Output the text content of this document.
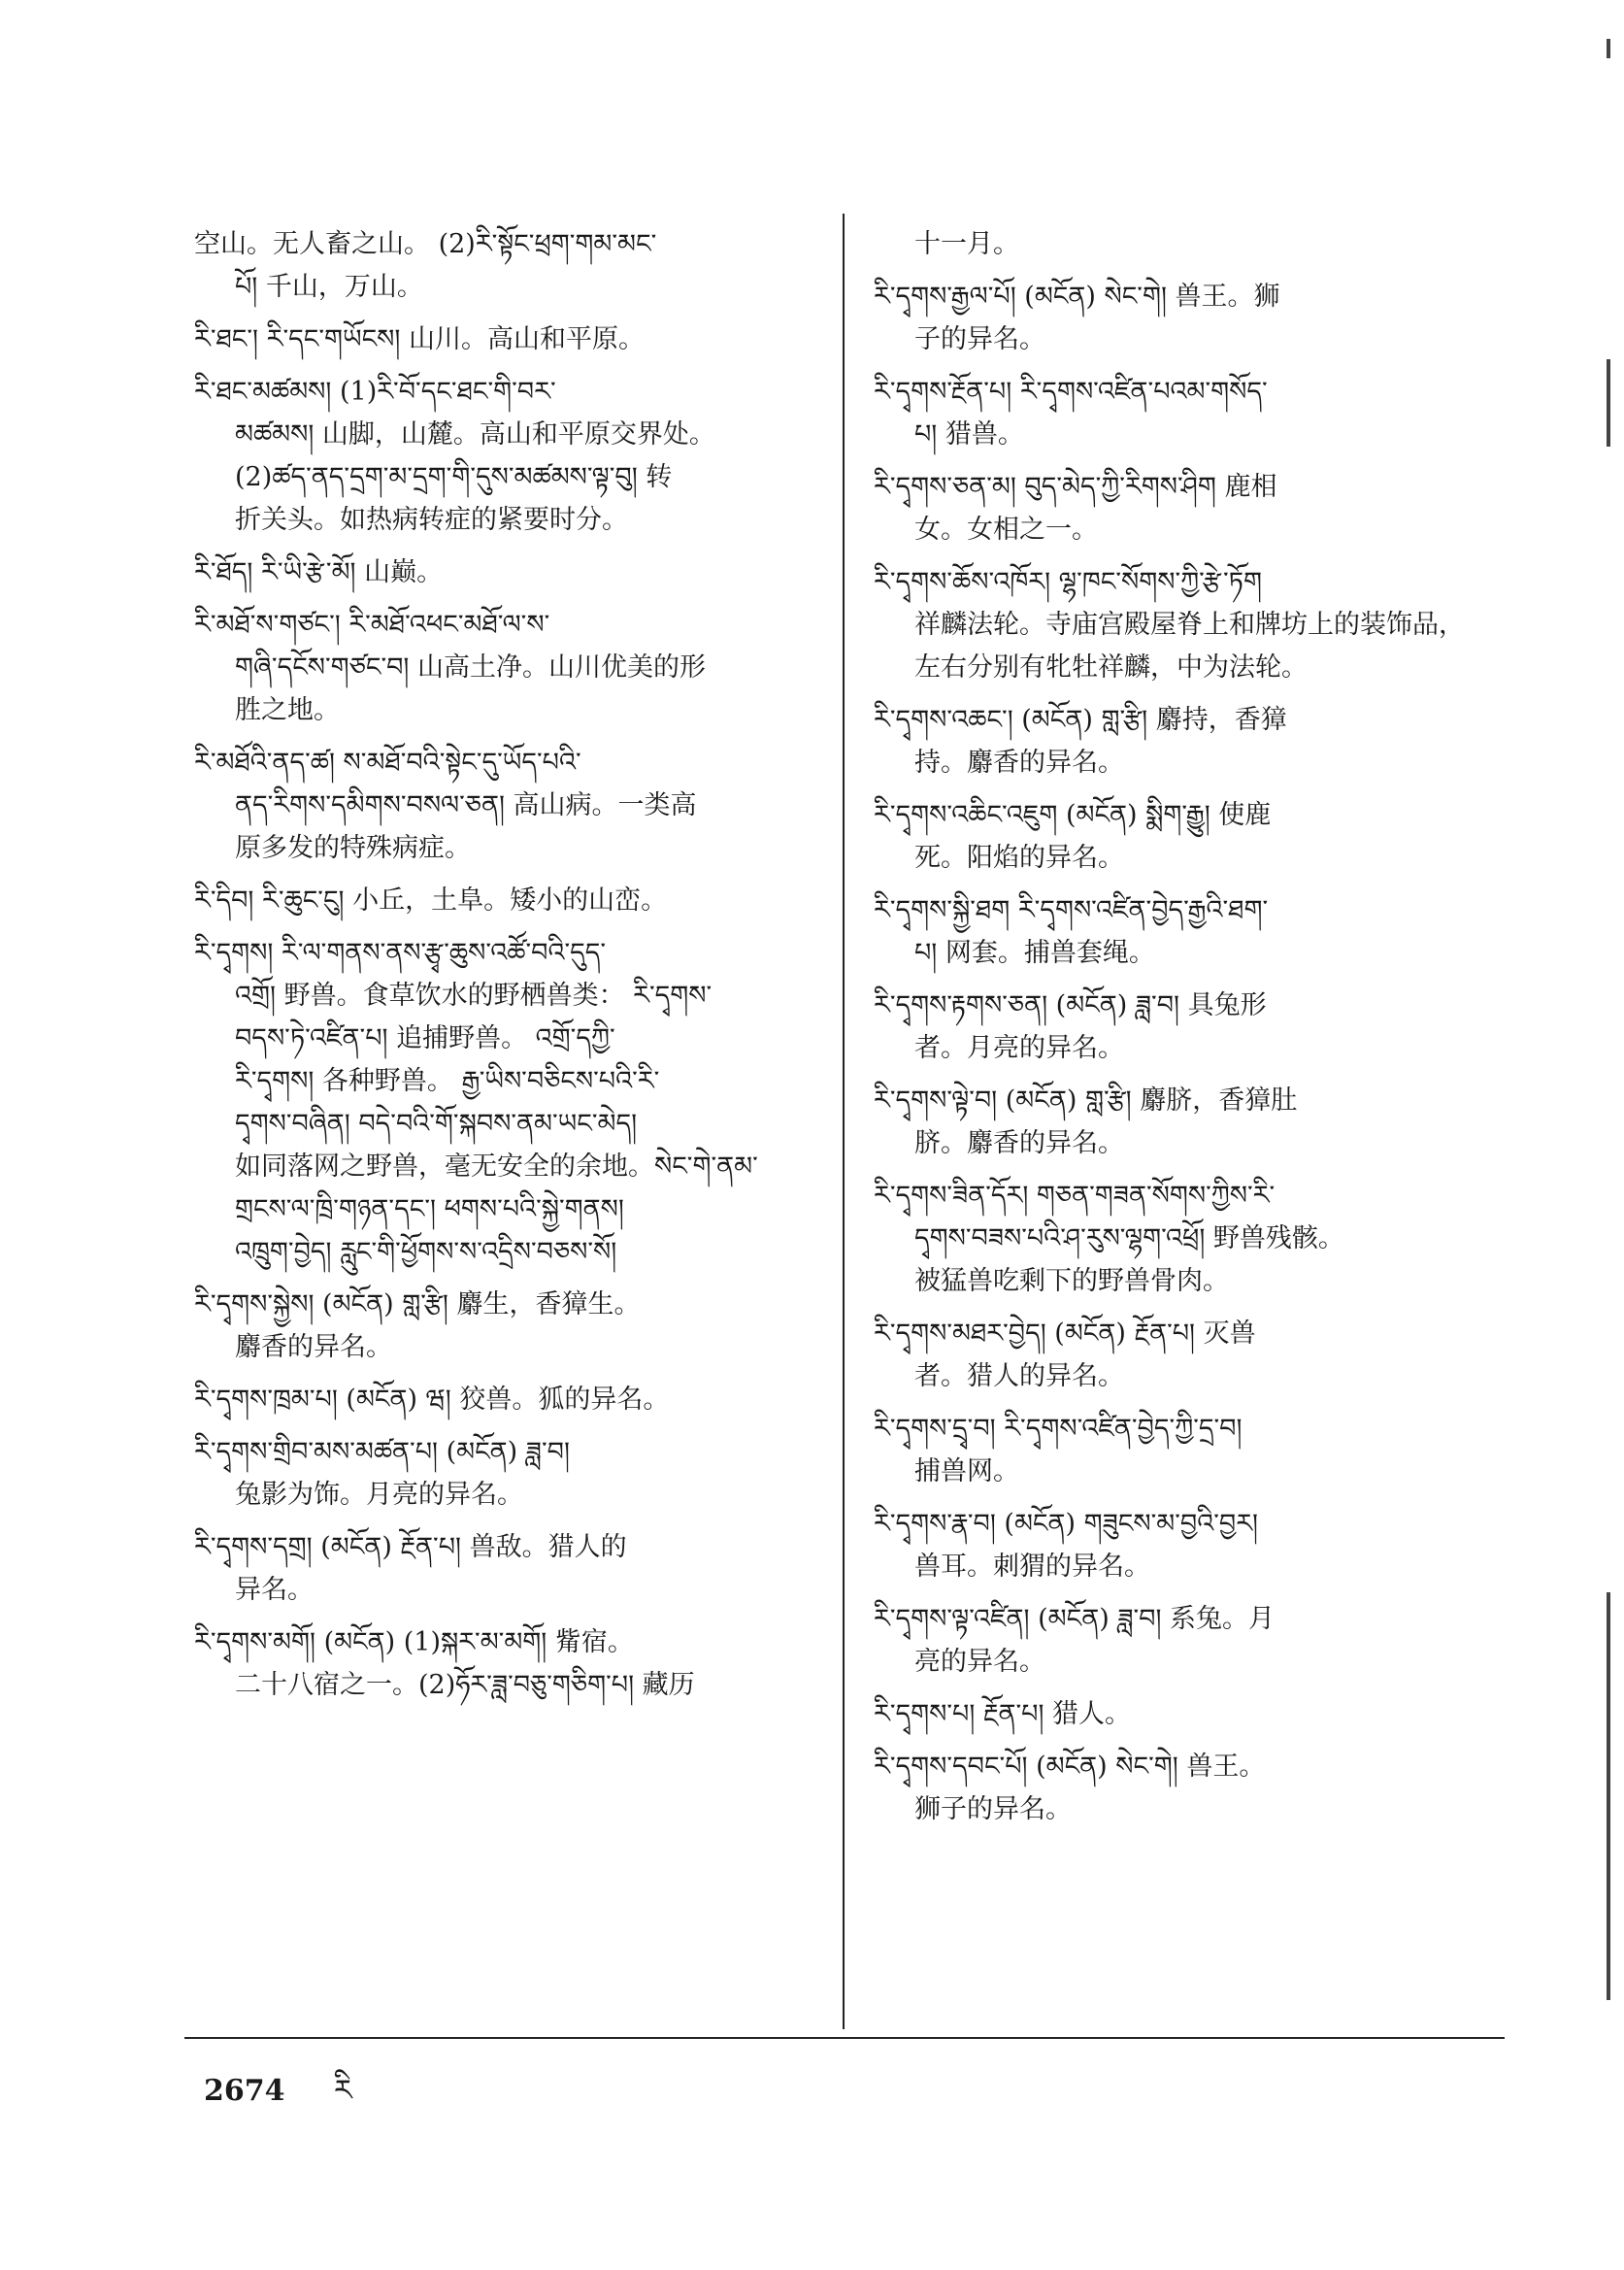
空山。无人畜之山。 (2)རི་སྟོང་ཕྲག་གམ་མང་
པོ། 千山，万山。
རི་ཐང་། རི་དང་གཡོངས། 山川。高山和平原。
རི་ཐང་མཚམས། (1)རི་བོ་དང་ཐང་གི་བར་
མཚམས། 山脚，山麓。高山和平原交界处。
(2)ཚད་ནད་དྲག་མ་དྲག་གི་དུས་མཚམས་ལྟ་བུ། 转
折关头。如热病转症的紧要时分。
རི་ཐོད། རི་ཡི་རྩེ་མོ། 山巅。
རི་མཐོ་ས་གཙང་། རི་མཐོ་འཕང་མཐོ་ལ་ས་
གཞི་དངོས་གཙང་བ། 山高土净。山川优美的形
胜之地。
རི་མཐོའི་ནད་ཚ། ས་མཐོ་བའི་སྟེང་དུ་ཡོད་པའི་
ནད་རིགས་དམིགས་བསལ་ཅན། 高山病。一类高
原多发的特殊病症。
རི་དིབ། རི་ཆུང་ངུ། 小丘，土阜。矮小的山峦。
རི་དྭགས། རི་ལ་གནས་ནས་རྩྭ་ཆུས་འཚོ་བའི་དུད་
འགྲོ། 野兽。食草饮水的野栖兽类： རི་དྭགས་
བདས་ཏེ་འཛིན་པ། 追捕野兽。 འགྲོ་དཀྱི་
རི་དྭགས། 各种野兽。 རྒྱ་ཡིས་བཅིངས་པའི་རི་
དྭགས་བཞིན། བདེ་བའི་གོ་སྐབས་ནམ་ཡང་མེད།
如同落网之野兽，毫无安全的余地。སེང་གེ་ནམ་
གྲངས་ལ་ཁྲི་གཉན་དང་། ཕགས་པའི་སྐྱེ་གནས།
འཁྲུག་བྱེད། རླུང་གི་ཕྱོགས་ས་འདྲིས་བཅས་སོ།
རི་དྭགས་སྐྱེས། (མངོན) གླ་རྩི། 麝生，香獐生。
麝香的异名。
རི་དྭགས་ཁྲམ་པ། (མངོན) ཝ། 狡兽。狐的异名。
རི་དྭགས་གྲིབ་མས་མཚན་པ། (མངོན) ཟླ་བ།
兔影为饰。月亮的异名。
རི་དྭགས་དགྲ། (མངོན) རྔོན་པ། 兽敌。猎人的
异名。
རི་དྭགས་མགོ། (མངོན) (1)སྐར་མ་མགོ། 觜宿。
二十八宿之一。(2)ཧོར་ཟླ་བཅུ་གཅིག་པ། 藏历
十一月。
རི་དྭགས་རྒྱལ་པོ། (མངོན) སེང་གེ། 兽王。狮
子的异名。
རི་དྭགས་རྔོན་པ། རི་དྭགས་འཛིན་པའམ་གསོད་
པ། 猎兽。
རི་དྭགས་ཅན་མ། བུད་མེད་ཀྱི་རིགས་ཤིག 鹿相
女。女相之一。
རི་དྭགས་ཆོས་འཁོར། ལྷ་ཁང་སོགས་ཀྱི་རྩེ་ཏོག
祥麟法轮。寺庙宫殿屋脊上和牌坊上的装饰品，
左右分别有牝牡祥麟，中为法轮。
རི་དྭགས་འཆང་། (མངོན) གླ་རྩི། 麝持，香獐
持。麝香的异名。
རི་དྭགས་འཆིང་འཇུག (མངོན) སྨིག་རྒྱུ། 使鹿
死。阳焰的异名。
རི་དྭགས་སྐྱི་ཐག རི་དྭགས་འཛིན་བྱེད་རྒྱའི་ཐག་
པ། 网套。捕兽套绳。
རི་དྭགས་རྟགས་ཅན། (མངོན) ཟླ་བ། 具兔形
者。月亮的异名。
རི་དྭགས་ལྟེ་བ། (མངོན) གླ་རྩི། 麝脐，香獐肚
脐。麝香的异名。
རི་དྭགས་ཟིན་དོར། གཅན་གཟན་སོགས་ཀྱིས་རི་
དྭགས་བཟས་པའི་ཤ་རུས་ལྷག་འཕྲོ། 野兽残骸。
被猛兽吃剩下的野兽骨肉。
རི་དྭགས་མཐར་བྱེད། (མངོན) རྔོན་པ། 灭兽
者。猎人的异名。
རི་དྭགས་དྲྭ་བ། རི་དྭགས་འཛིན་བྱེད་ཀྱི་དྲ་བ།
捕兽网。
རི་དྭགས་རྣ་བ། (མངོན) གཟུངས་མ་བྱའི་བྱར།
兽耳。刺猬的异名。
རི་དྭགས་ལྟ་འཛིན། (མངོན) ཟླ་བ། 系兔。月
亮的异名。
རི་དྭགས་པ། རྔོན་པ། 猎人。
རི་དྭགས་དབང་པོ། (མངོན) སེང་གེ། 兽王。
狮子的异名。
2674 རི
